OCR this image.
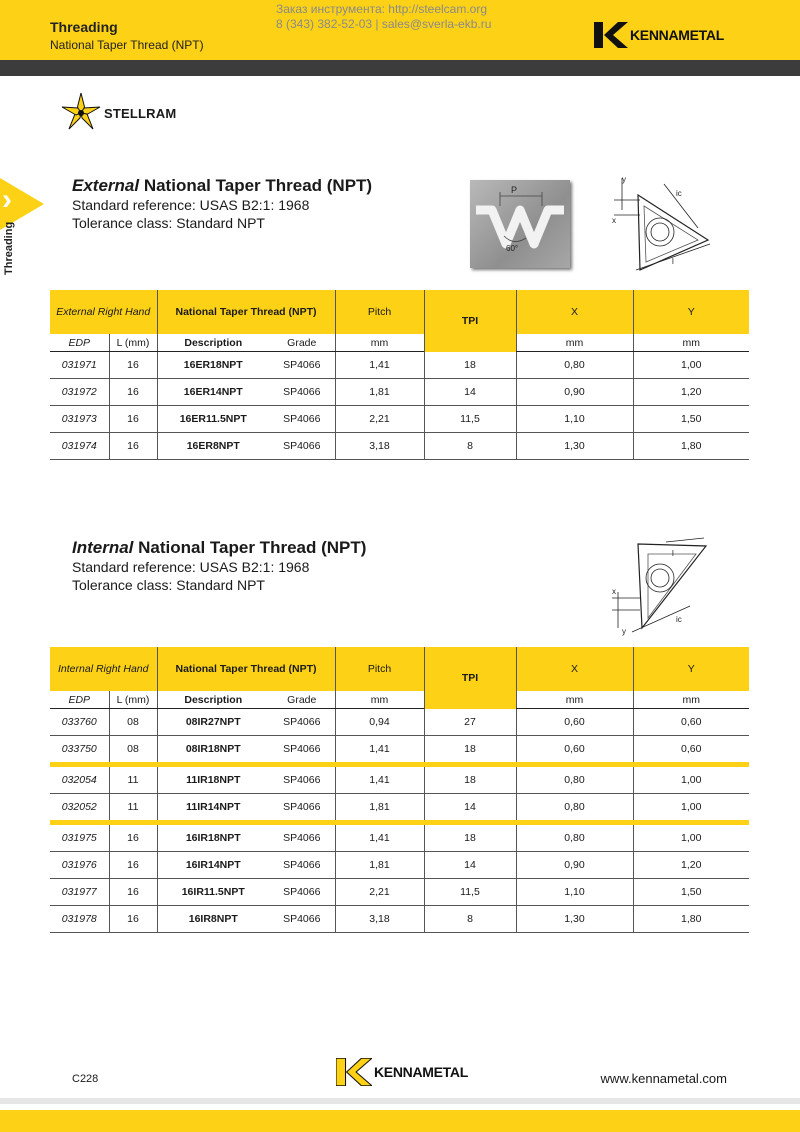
Threading
National Taper Thread (NPT)
Заказ инструмента: http://steelcam.org
8 (343) 382-52-03 | sales@sverla-ekb.ru
KENNAMETAL
›
Threading
STELLRAM
External National Taper Thread (NPT)
Standard reference: USAS B2:1: 1968
Tolerance class: Standard NPT
P
60°
y
x
ic
l
External Right Hand		National Taper Thread (NPT)		Pitch	TPI	X	Y
EDP	L (mm)	Description	Grade	mm		mm	mm
031971	16	16ER18NPT	SP4066	1,41	18	0,80	1,00
031972	16	16ER14NPT	SP4066	1,81	14	0,90	1,20
031973	16	16ER11.5NPT	SP4066	2,21	11,5	1,10	1,50
031974	16	16ER8NPT	SP4066	3,18	8	1,30	1,80
Internal National Taper Thread (NPT)
Standard reference: USAS B2:1: 1968
Tolerance class: Standard NPT
l
x
y
ic
Internal Right Hand		National Taper Thread (NPT)		Pitch	TPI	X	Y
EDP	L (mm)	Description	Grade	mm		mm	mm
033760	08	08IR27NPT	SP4066	0,94	27	0,60	0,60
033750	08	08IR18NPT	SP4066	1,41	18	0,60	0,60
032054	11	11IR18NPT	SP4066	1,41	18	0,80	1,00
032052	11	11IR14NPT	SP4066	1,81	14	0,80	1,00
031975	16	16IR18NPT	SP4066	1,41	18	0,80	1,00
031976	16	16IR14NPT	SP4066	1,81	14	0,90	1,20
031977	16	16IR11.5NPT	SP4066	2,21	11,5	1,10	1,50
031978	16	16IR8NPT	SP4066	3,18	8	1,30	1,80
C228	KENNAMETAL	www.kennametal.com
